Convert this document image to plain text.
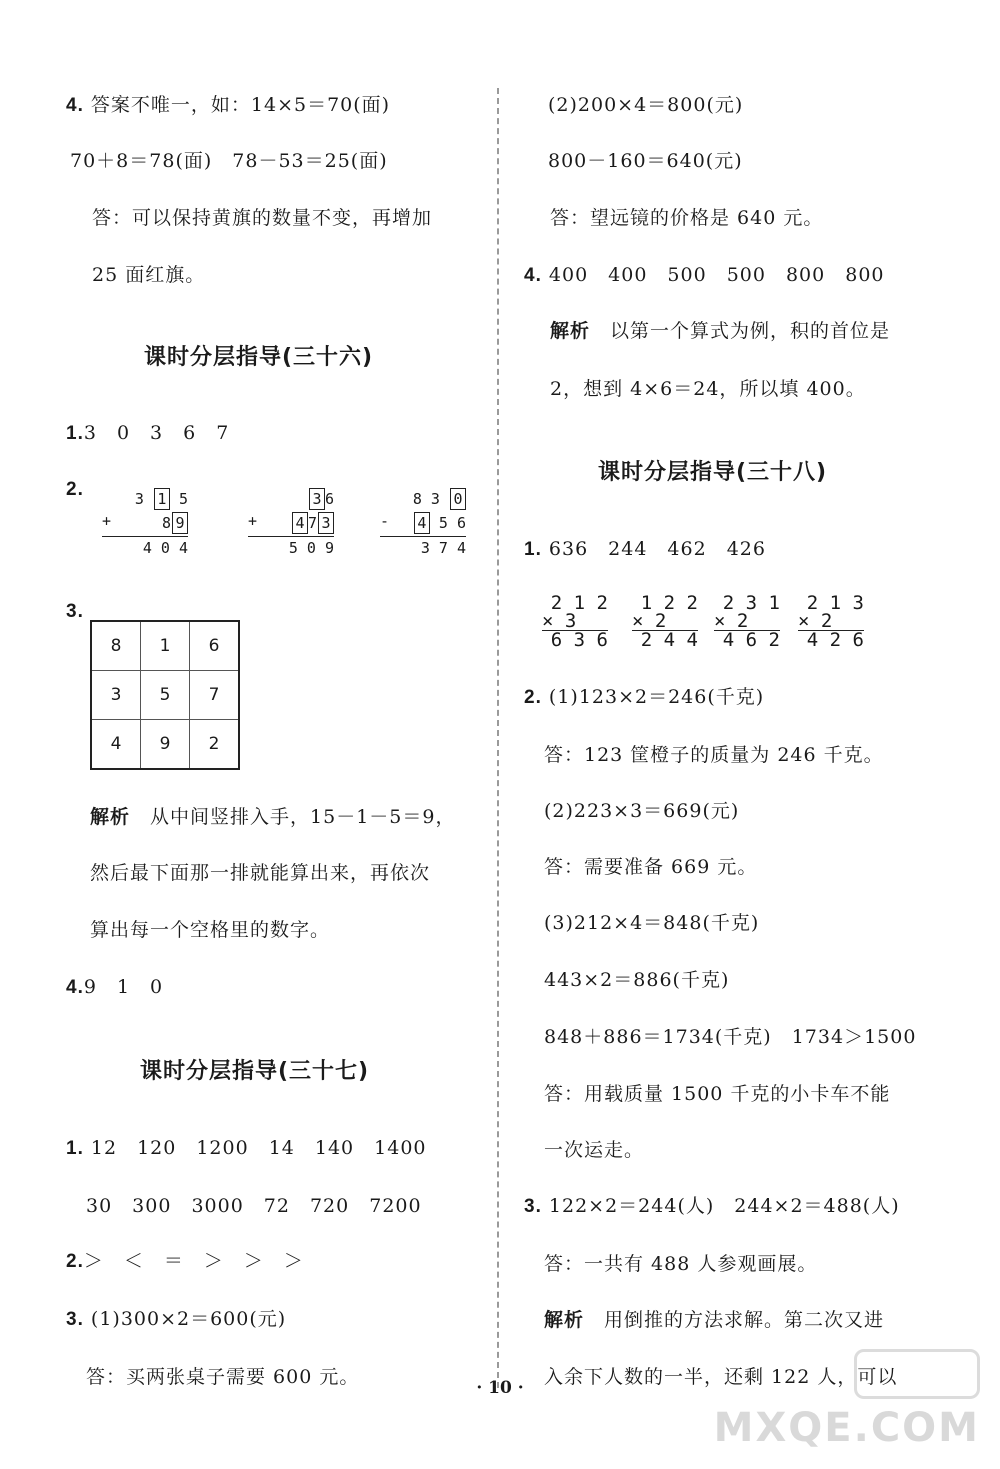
4. 答案不唯一，如：14×5＝70(面)
70＋8＝78(面)　78－53＝25(面)
答：可以保持黄旗的数量不变，再增加
25 面红旗。
课时分层指导(三十六)
1.3　0　3　6　7
2.	3 1 5
+	8 9
4 0 4
3 6
+	4 7 3
5 0 9
8 3 0
- 4 5 6
3 7 4
3.
8	1	6
3	5	7
4	9	2
解析　 从中间竖排入手，15－1－5＝9，
然后最下面那一排就能算出来，再依次
算出每一个空格里的数字。
4.9　1　0
课时分层指导(三十七)
1. 12　120　1200　14　140　1400
30　300　3000　72　720　7200
2.＞　＜　＝　＞　＞　＞
3. (1)300×2＝600(元)
答：买两张桌子需要 600 元。
(2)200×4＝800(元)
800－160＝640(元)
答：望远镜的价格是 640 元。
4. 400　400　500　500　800　800
解析　 以第一个算式为例，积的首位是
2，想到 4×6＝24，所以填 400。
课时分层指导(三十八)
1. 636　244　462　426
2 1 2
× 3
6 3 6
1 2 2
× 2
2 4 4
2 3 1
× 2
4 6 2
2 1 3
× 2
4 2 6
2. (1)123×2＝246(千克)
答：123 筐橙子的质量为 246 千克。
(2)223×3＝669(元)
答：需要准备 669 元。
(3)212×4＝848(千克)
443×2＝886(千克)
848＋886＝1734(千克)　1734＞1500
答：用载质量 1500 千克的小卡车不能
一次运走。
3. 122×2＝244(人)　244×2＝488(人)
答：一共有 488 人参观画展。
解析　 用倒推的方法求解。第二次又进
入余下人数的一半，还剩 122 人，可以
· 10 ·
MXQE.COM
